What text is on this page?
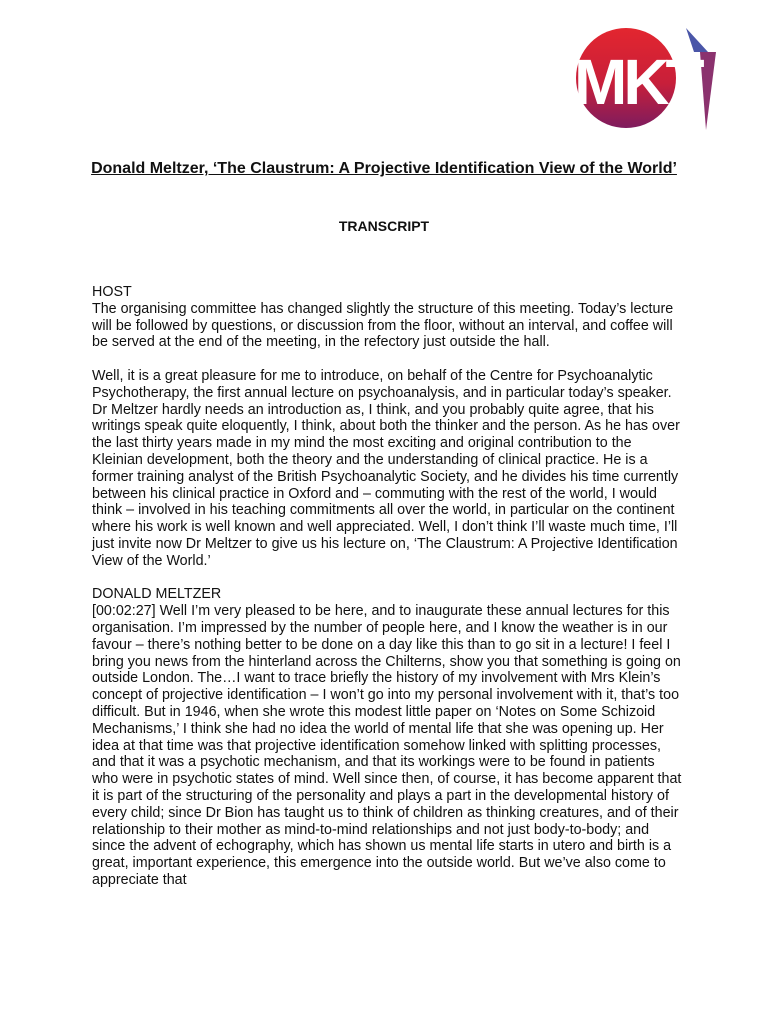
MKT
Donald Meltzer, ‘The Claustrum: A Projective Identification View of the World’
TRANSCRIPT

HOST

The organising committee has changed slightly the structure of this meeting. Today’s lecture will be followed by questions, or discussion from the floor, without an interval, and coffee will be served at the end of the meeting, in the refectory just outside the hall.

Well, it is a great pleasure for me to introduce, on behalf of the Centre for Psychoanalytic Psychotherapy, the first annual lecture on psychoanalysis, and in particular today’s speaker. Dr Meltzer hardly needs an introduction as, I think, and you probably quite agree, that his writings speak quite eloquently, I think, about both the thinker and the person. As he has over the last thirty years made in my mind the most exciting and original contribution to the Kleinian development, both the theory and the understanding of clinical practice. He is a former training analyst of the British Psychoanalytic Society, and he divides his time currently between his clinical practice in Oxford and – commuting with the rest of the world, I would think – involved in his teaching commitments all over the world, in particular on the continent where his work is well known and well appreciated. Well, I don’t think I’ll waste much time, I’ll just invite now Dr Meltzer to give us his lecture on, ‘The Claustrum: A Projective Identification View of the World.’

DONALD MELTZER

[00:02:27] Well I’m very pleased to be here, and to inaugurate these annual lectures for this organisation. I’m impressed by the number of people here, and I know the weather is in our favour – there’s nothing better to be done on a day like this than to go sit in a lecture! I feel I bring you news from the hinterland across the Chilterns, show you that something is going on outside London. The…I want to trace briefly the history of my involvement with Mrs Klein’s concept of projective identification – I won’t go into my personal involvement with it, that’s too difficult. But in 1946, when she wrote this modest little paper on ‘Notes on Some Schizoid Mechanisms,’ I think she had no idea the world of mental life that she was opening up. Her idea at that time was that projective identification somehow linked with splitting processes, and that it was a psychotic mechanism, and that its workings were to be found in patients who were in psychotic states of mind. Well since then, of course, it has become apparent that it is part of the structuring of the personality and plays a part in the developmental history of every child; since Dr Bion has taught us to think of children as thinking creatures, and of their relationship to their mother as mind-to-mind relationships and not just body-to-body; and since the advent of echography, which has shown us mental life starts in utero and birth is a great, important experience, this emergence into the outside world. But we’ve also come to appreciate that
